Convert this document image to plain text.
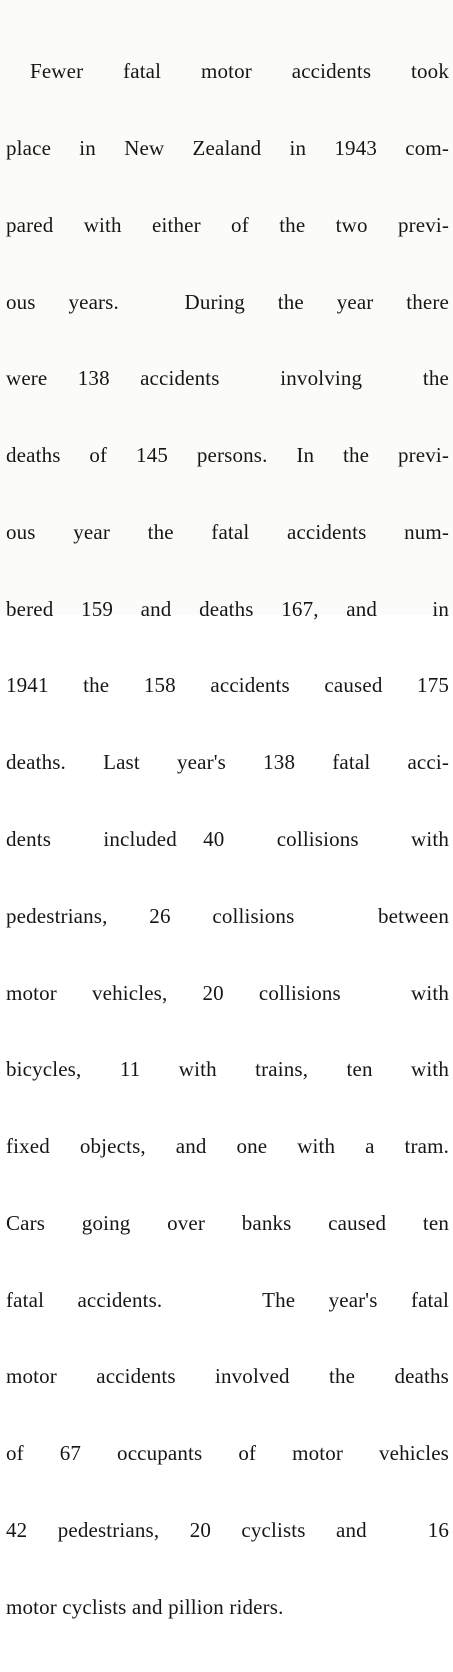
Fewer fatal motor accidents took

place in New Zealand in 1943 com-

pared with either of the two previ-

ous years.  During the year there

were 138 accidents  involving  the

deaths of 145 persons. In the previ-

ous year the fatal accidents num-

bered 159 and deaths 167, and  in

1941 the 158 accidents caused 175

deaths. Last year's 138 fatal acci-

dents  included 40  collisions  with

pedestrians, 26 collisions  between

motor vehicles, 20 collisions  with

bicycles, 11 with trains, ten with

fixed objects, and one with a tram.

Cars going over banks caused ten

fatal accidents.   The year's fatal

motor accidents involved the deaths

of 67 occupants of motor vehicles

42 pedestrians, 20 cyclists and  16

motor cyclists and pillion riders.
